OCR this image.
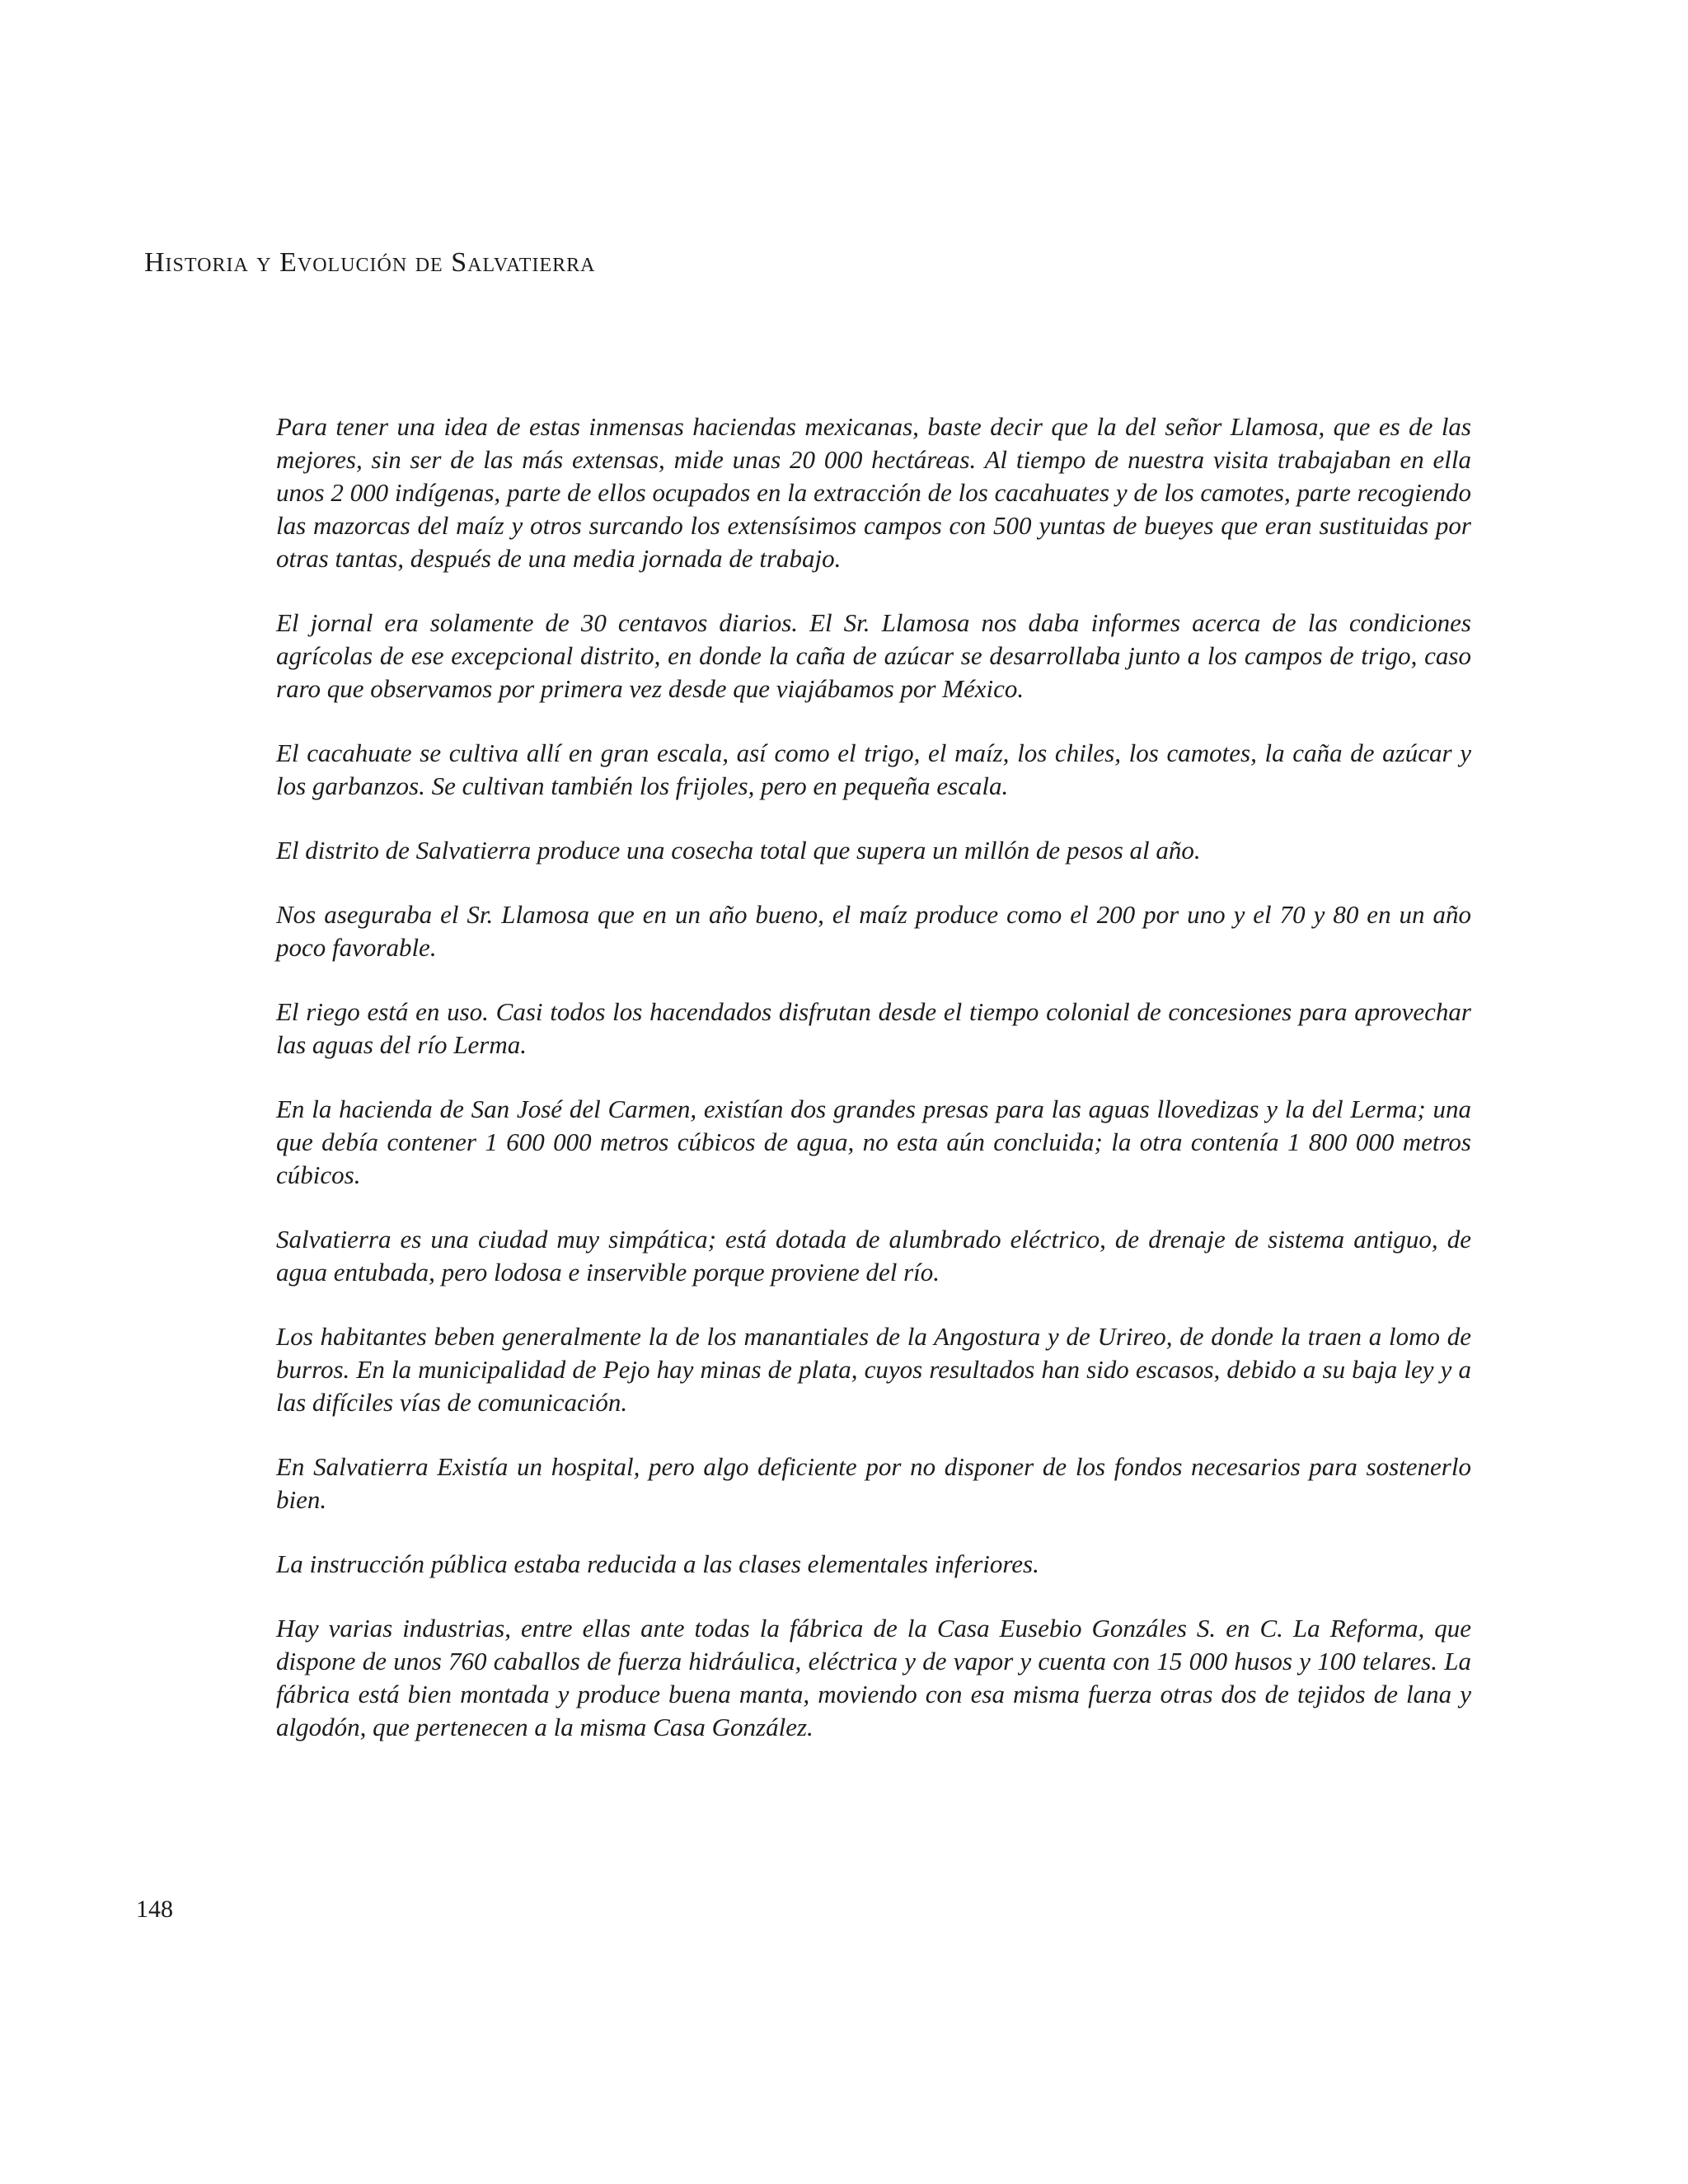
Historia y Evolución de Salvatierra

Para tener una idea de estas inmensas haciendas mexicanas, baste decir que la del señor Llamosa, que es de las mejores, sin ser de las más extensas, mide unas 20 000 hectáreas. Al tiempo de nuestra visita trabajaban en ella unos 2 000 indígenas, parte de ellos ocupados en la extracción de los cacahuates y de los camotes, parte recogiendo las mazorcas del maíz y otros surcando los extensísimos campos con 500 yuntas de bueyes que eran sustituidas por otras tantas, después de una media jornada de trabajo.

El jornal era solamente de 30 centavos diarios. El Sr. Llamosa nos daba informes acerca de las condiciones agrícolas de ese excepcional distrito, en donde la caña de azúcar se desarrollaba junto a los campos de trigo, caso raro que observamos por primera vez desde que viajábamos por México.

El cacahuate se cultiva allí en gran escala, así como el trigo, el maíz, los chiles, los camotes, la caña de azúcar y los garbanzos. Se cultivan también los frijoles, pero en pequeña escala.

El distrito de Salvatierra produce una cosecha total que supera un millón de pesos al año.

Nos aseguraba el Sr. Llamosa que en un año bueno, el maíz produce como el 200 por uno y el 70 y 80 en un año poco favorable.

El riego está en uso. Casi todos los hacendados disfrutan desde el tiempo colonial de concesiones para aprovechar las aguas del río Lerma.

En la hacienda de San José del Carmen, existían dos grandes presas para las aguas llovedizas y la del Lerma; una que debía contener 1 600 000 metros cúbicos de agua, no esta aún concluida; la otra contenía 1 800 000 metros cúbicos.

Salvatierra es una ciudad muy simpática; está dotada de alumbrado eléctrico, de drenaje de sistema antiguo, de agua entubada, pero lodosa e inservible porque proviene del río.

Los habitantes beben generalmente la de los manantiales de la Angostura y de Urireo, de donde la traen a lomo de burros. En la municipalidad de Pejo hay minas de plata, cuyos resultados han sido escasos, debido a su baja ley y a las difíciles vías de comunicación.

En Salvatierra Existía un hospital, pero algo deficiente por no disponer de los fondos necesarios para sostenerlo bien.

La instrucción pública estaba reducida a las clases elementales inferiores.

Hay varias industrias, entre ellas ante todas la fábrica de la Casa Eusebio Gonzáles S. en C. La Reforma, que dispone de unos 760 caballos de fuerza hidráulica, eléctrica y de vapor y cuenta con 15 000 husos y 100 telares. La fábrica está bien montada y produce buena manta, moviendo con esa misma fuerza otras dos de tejidos de lana y algodón, que pertenecen a la misma Casa González.

148
